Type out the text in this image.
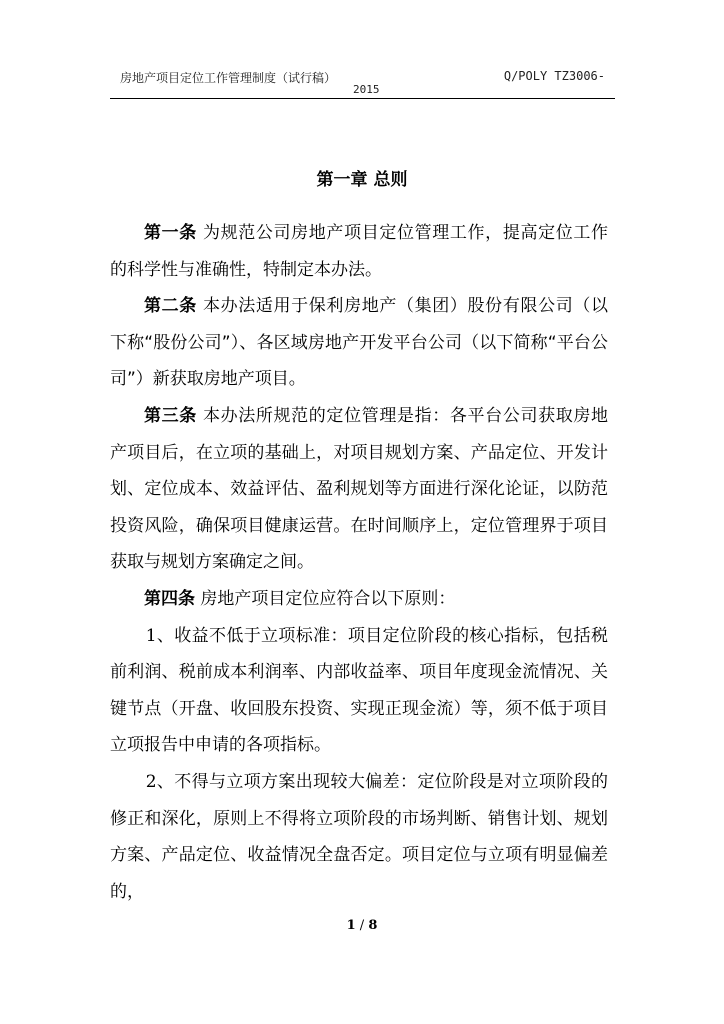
房地产项目定位工作管理制度（试行稿）	Q/POLY TZ3006-
2015
第一章 总则

第一条 为规范公司房地产项目定位管理工作，提高定位工作的科学性与准确性，特制定本办法。

第二条 本办法适用于保利房地产（集团）股份有限公司（以下称“股份公司”）、各区域房地产开发平台公司（以下简称“平台公司”）新获取房地产项目。

第三条 本办法所规范的定位管理是指：各平台公司获取房地产项目后，在立项的基础上，对项目规划方案、产品定位、开发计划、定位成本、效益评估、盈利规划等方面进行深化论证，以防范投资风险，确保项目健康运营。在时间顺序上，定位管理界于项目获取与规划方案确定之间。

第四条 房地产项目定位应符合以下原则：

1、收益不低于立项标准：项目定位阶段的核心指标，包括税前利润、税前成本利润率、内部收益率、项目年度现金流情况、关键节点（开盘、收回股东投资、实现正现金流）等，须不低于项目立项报告中申请的各项指标。

2、不得与立项方案出现较大偏差：定位阶段是对立项阶段的修正和深化，原则上不得将立项阶段的市场判断、销售计划、规划方案、产品定位、收益情况全盘否定。项目定位与立项有明显偏差的，

1 / 8
